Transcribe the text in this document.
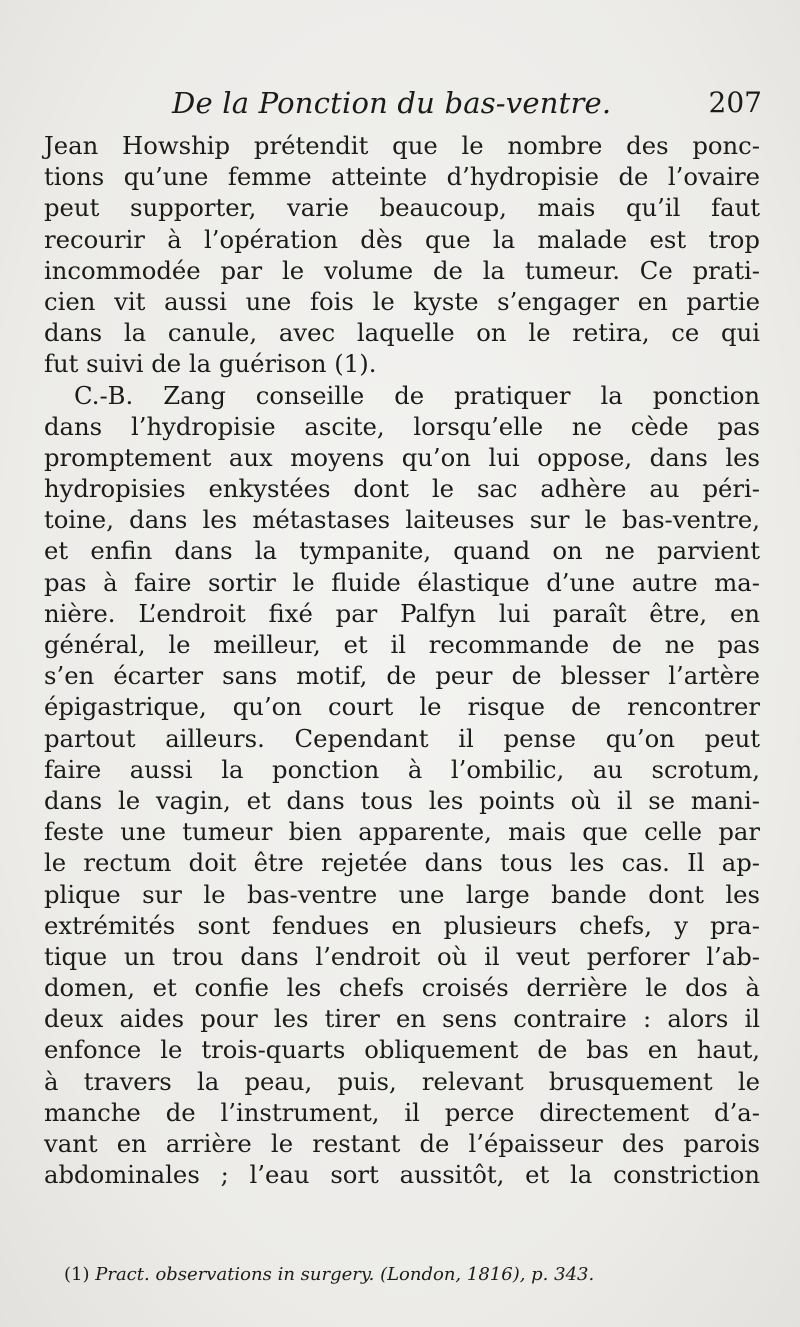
De la Ponction du bas-ventre.	207
Jean Howship prétendit que le nombre des ponc-
tions qu’une femme atteinte d’hydropisie de l’ovaire
peut supporter, varie beaucoup, mais qu’il faut
recourir à l’opération dès que la malade est trop
incommodée par le volume de la tumeur. Ce prati-
cien vit aussi une fois le kyste s’engager en partie
dans la canule, avec laquelle on le retira, ce qui
fut suivi de la guérison (1).
C.-B. Zang conseille de pratiquer la ponction
dans l’hydropisie ascite, lorsqu’elle ne cède pas
promptement aux moyens qu’on lui oppose, dans les
hydropisies enkystées dont le sac adhère au péri-
toine, dans les métastases laiteuses sur le bas-ventre,
et enfin dans la tympanite, quand on ne parvient
pas à faire sortir le fluide élastique d’une autre ma-
nière. L’endroit fixé par Palfyn lui paraît être, en
général, le meilleur, et il recommande de ne pas
s’en écarter sans motif, de peur de blesser l’artère
épigastrique, qu’on court le risque de rencontrer
partout ailleurs. Cependant il pense qu’on peut
faire aussi la ponction à l’ombilic, au scrotum,
dans le vagin, et dans tous les points où il se mani-
feste une tumeur bien apparente, mais que celle par
le rectum doit être rejetée dans tous les cas. Il ap-
plique sur le bas-ventre une large bande dont les
extrémités sont fendues en plusieurs chefs, y pra-
tique un trou dans l’endroit où il veut perforer l’ab-
domen, et confie les chefs croisés derrière le dos à
deux aides pour les tirer en sens contraire : alors il
enfonce le trois-quarts obliquement de bas en haut,
à travers la peau, puis, relevant brusquement le
manche de l’instrument, il perce directement d’a-
vant en arrière le restant de l’épaisseur des parois
abdominales ; l’eau sort aussitôt, et la constriction
(1) Pract. observations in surgery. (London, 1816), p. 343.
